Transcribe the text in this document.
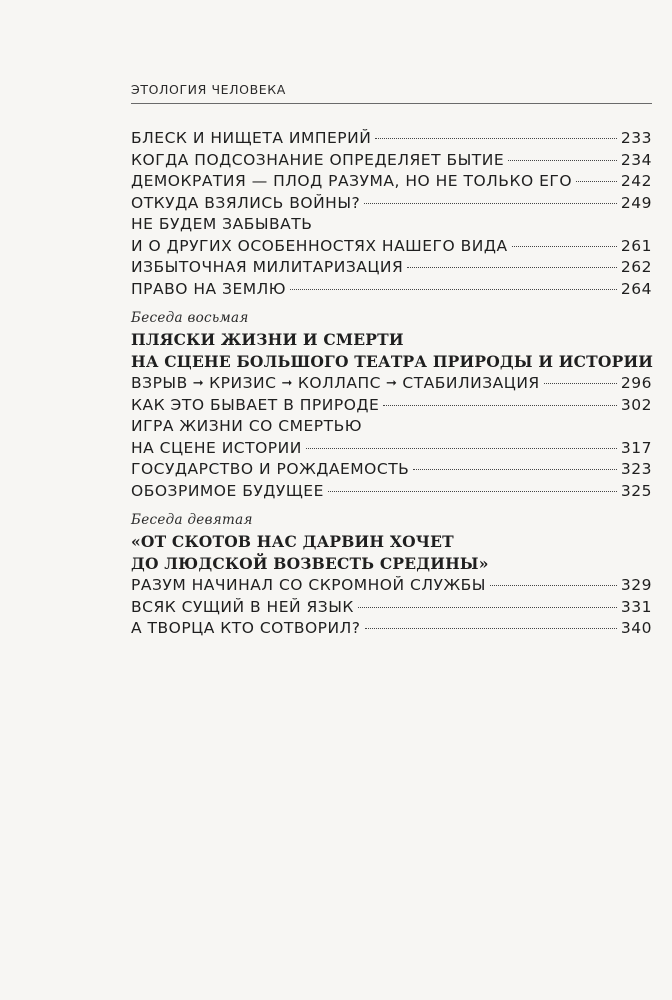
ЭТОЛОГИЯ ЧЕЛОВЕКА
БЛЕСК И НИЩЕТА ИМПЕРИЙ	233
КОГДА ПОДСОЗНАНИЕ ОПРЕДЕЛЯЕТ БЫТИЕ	234
ДЕМОКРАТИЯ — ПЛОД РАЗУМА, НО НЕ ТОЛЬКО ЕГО	242
ОТКУДА ВЗЯЛИСЬ ВОЙНЫ?	249
НЕ БУДЕМ ЗАБЫВАТЬ
И О ДРУГИХ ОСОБЕННОСТЯХ НАШЕГО ВИДА	261
ИЗБЫТОЧНАЯ МИЛИТАРИЗАЦИЯ	262
ПРАВО НА ЗЕМЛЮ	264
Беседа восьмая
ПЛЯСКИ ЖИЗНИ И СМЕРТИ
НА СЦЕНЕ БОЛЬШОГО ТЕАТРА ПРИРОДЫ И ИСТОРИИ
ВЗРЫВ ➞ КРИЗИС ➞ КОЛЛАПС ➞ СТАБИЛИЗАЦИЯ	296
КАК ЭТО БЫВАЕТ В ПРИРОДЕ	302
ИГРА ЖИЗНИ СО СМЕРТЬЮ
НА СЦЕНЕ ИСТОРИИ	317
ГОСУДАРСТВО И РОЖДАЕМОСТЬ	323
ОБОЗРИМОЕ БУДУЩЕЕ	325
Беседа девятая
«ОТ СКОТОВ НАС ДАРВИН ХОЧЕТ
ДО ЛЮДСКОЙ ВОЗВЕСТЬ СРЕДИНЫ»
РАЗУМ НАЧИНАЛ СО СКРОМНОЙ СЛУЖБЫ	329
ВСЯК СУЩИЙ В НЕЙ ЯЗЫК	331
А ТВОРЦА КТО СОТВОРИЛ?	340
